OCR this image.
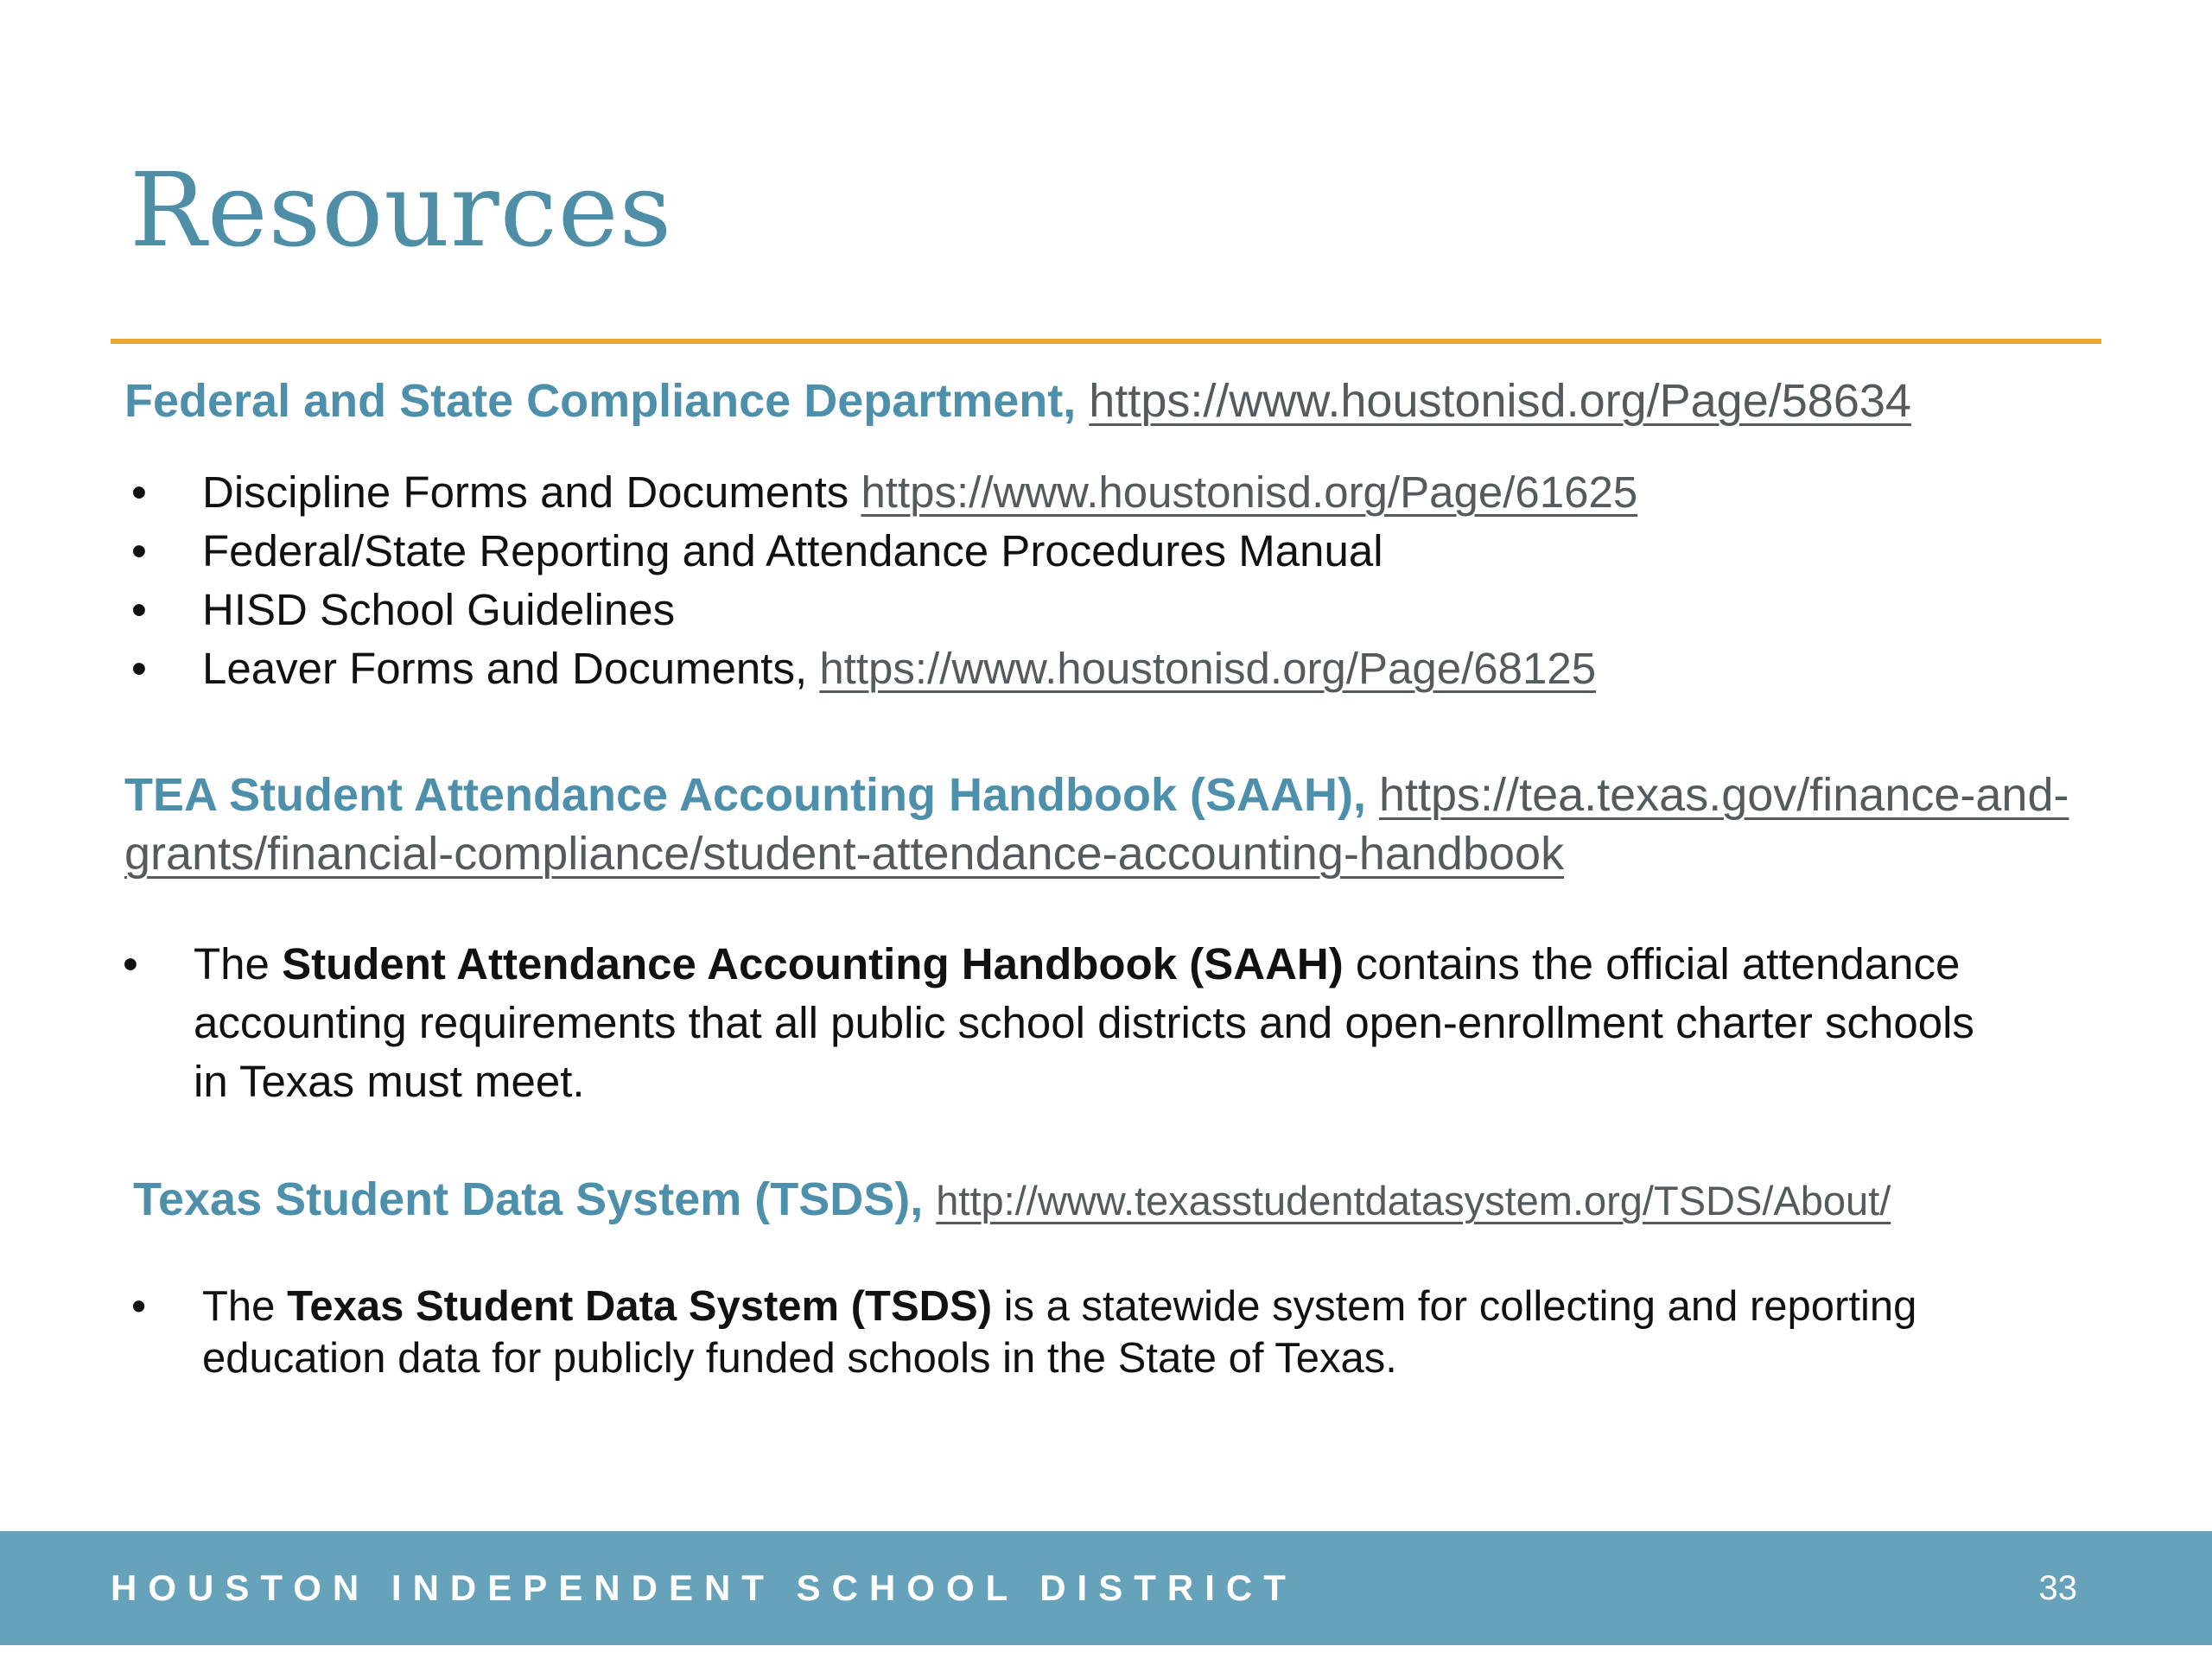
Resources
Federal and State Compliance Department, https://www.houstonisd.org/Page/58634
• Discipline Forms and Documents https://www.houstonisd.org/Page/61625
• Federal/State Reporting and Attendance Procedures Manual
• HISD School Guidelines
• Leaver Forms and Documents, https://www.houstonisd.org/Page/68125
TEA Student Attendance Accounting Handbook (SAAH), https://tea.texas.gov/finance-and-
grants/financial-compliance/student-attendance-accounting-handbook
• The Student Attendance Accounting Handbook (SAAH) contains the official attendance
accounting requirements that all public school districts and open-enrollment charter schools
in Texas must meet.
Texas Student Data System (TSDS), http://www.texasstudentdatasystem.org/TSDS/About/
• The Texas Student Data System (TSDS) is a statewide system for collecting and reporting
education data for publicly funded schools in the State of Texas.
HOUSTON INDEPENDENT SCHOOL DISTRICT	33
